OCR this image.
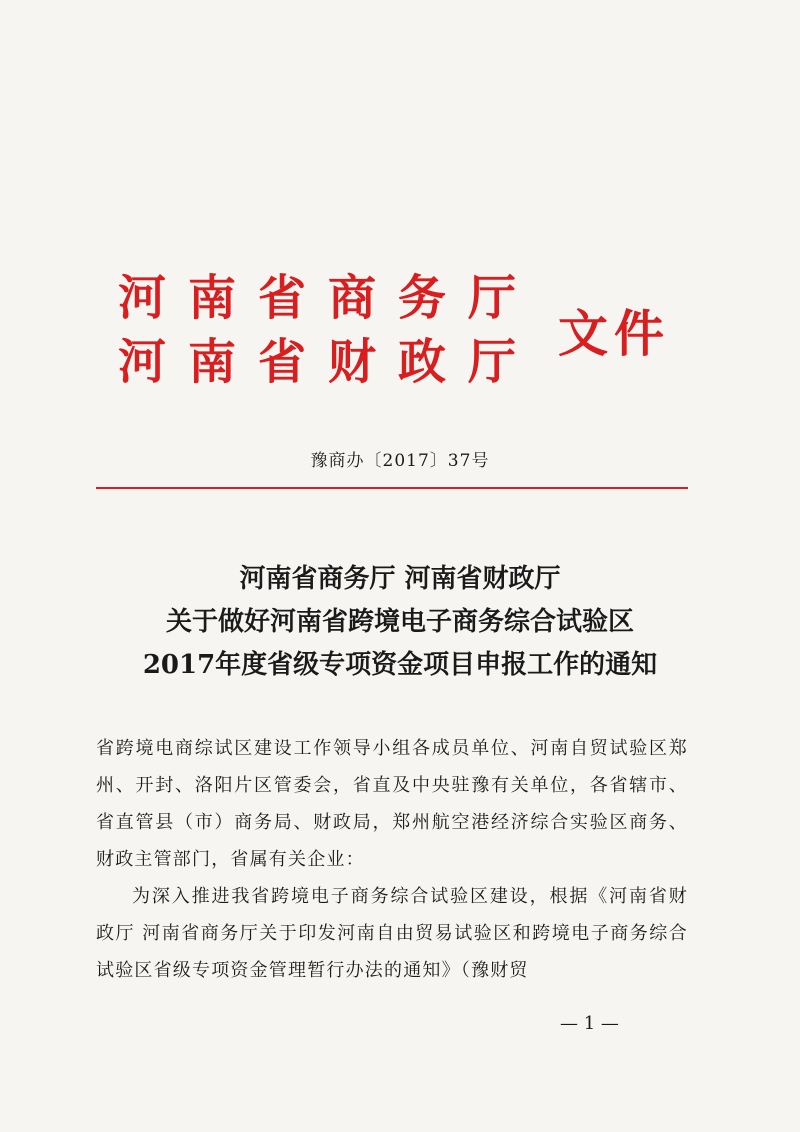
河南省商务厅
河南省财政厅 文件
豫商办〔2017〕37号
河南省商务厅 河南省财政厅
关于做好河南省跨境电子商务综合试验区
2017年度省级专项资金项目申报工作的通知

省跨境电商综试区建设工作领导小组各成员单位、河南自贸试验区郑州、开封、洛阳片区管委会，省直及中央驻豫有关单位，各省辖市、省直管县（市）商务局、财政局，郑州航空港经济综合实验区商务、财政主管部门，省属有关企业：

为深入推进我省跨境电子商务综合试验区建设，根据《河南省财政厅 河南省商务厅关于印发河南自由贸易试验区和跨境电子商务综合试验区省级专项资金管理暂行办法的通知》（豫财贸

— 1 —
